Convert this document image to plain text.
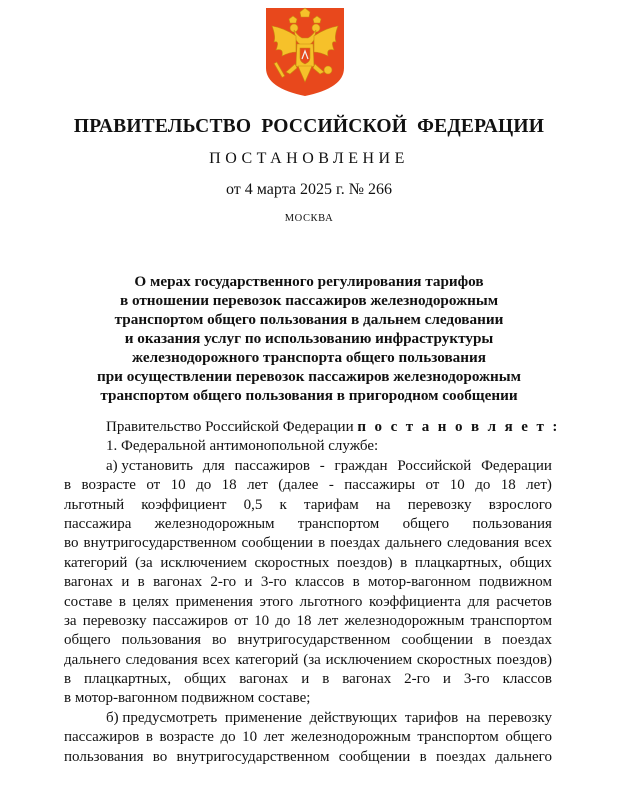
ПРАВИТЕЛЬСТВО РОССИЙСКОЙ ФЕДЕРАЦИИ
ПОСТАНОВЛЕНИЕ
от 4 марта 2025 г. № 266
МОСКВА
О мерах государственного регулирования тарифов
в отношении перевозок пассажиров железнодорожным
транспортом общего пользования в дальнем следовании
и оказания услуг по использованию инфраструктуры
железнодорожного транспорта общего пользования
при осуществлении перевозок пассажиров железнодорожным
транспортом общего пользования в пригородном сообщении
Правительство Российской Федерации п о с т а н о в л я е т :
1. Федеральной антимонопольной службе:
а) установить для пассажиров - граждан Российской Федерации
в возрасте от 10 до 18 лет (далее - пассажиры от 10 до 18 лет)
льготный коэффициент 0,5 к тарифам на перевозку взрослого
пассажира железнодорожным транспортом общего пользования
во внутригосударственном сообщении в поездах дальнего следования всех
категорий (за исключением скоростных поездов) в плацкартных, общих
вагонах и в вагонах 2-го и 3-го классов в мотор-вагонном подвижном
составе в целях применения этого льготного коэффициента для расчетов
за перевозку пассажиров от 10 до 18 лет железнодорожным транспортом
общего пользования во внутригосударственном сообщении в поездах
дальнего следования всех категорий (за исключением скоростных поездов)
в плацкартных, общих вагонах и в вагонах 2-го и 3-го классов
в мотор-вагонном подвижном составе;
б) предусмотреть применение действующих тарифов на перевозку
пассажиров в возрасте до 10 лет железнодорожным транспортом общего
пользования во внутригосударственном сообщении в поездах дальнего
